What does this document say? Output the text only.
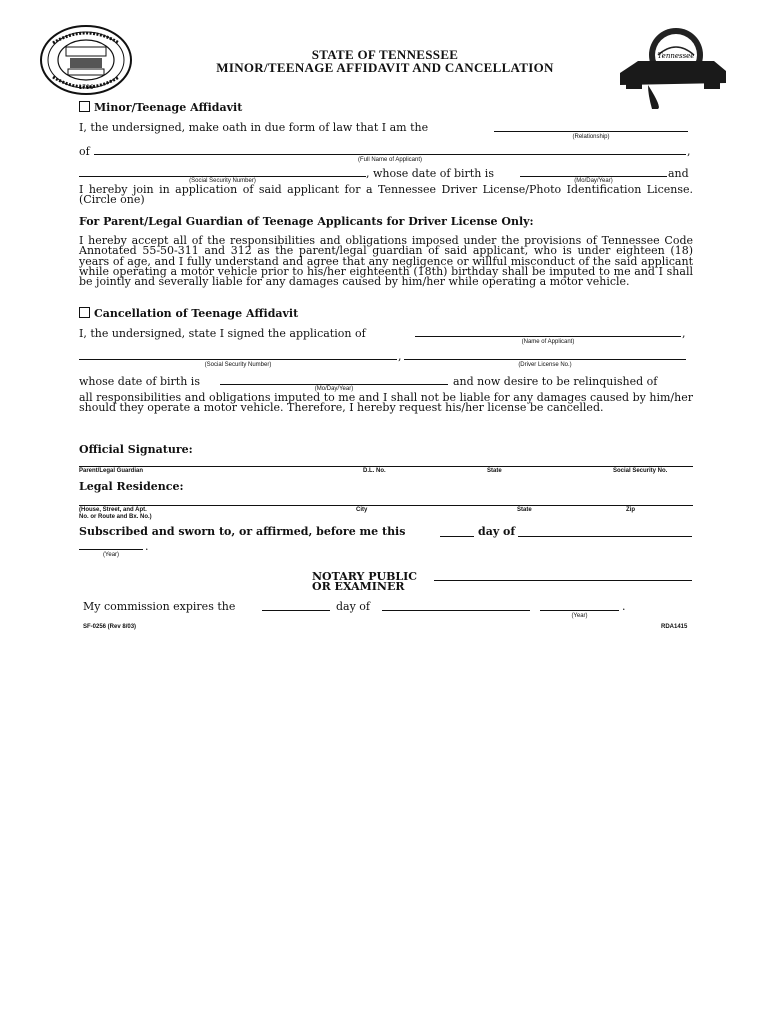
1796
Tennessee
STATE OF TENNESSEE
MINOR/TEENAGE AFFIDAVIT AND CANCELLATION
Minor/Teenage Affidavit
I, the undersigned, make oath in due form of law that I am the
(Relationship)
of	,
(Full Name of Applicant)
, whose date of birth is	and
(Social Security Number)	(Mo/Day/Year)
I hereby join in application of said applicant for a Tennessee Driver License/Photo Identification License. (Circle one)
For Parent/Legal Guardian of Teenage Applicants for Driver License Only:
I hereby accept all of the responsibilities and obligations imposed under the provisions of Tennessee Code Annotated 55-50-311 and 312 as the parent/legal guardian of said applicant, who is under eighteen (18) years of age, and I fully understand and agree that any negligence or willful misconduct of the said applicant while operating a motor vehicle prior to his/her eighteenth (18th) birthday shall be imputed to me and I shall be jointly and severally liable for any damages caused by him/her while operating a motor vehicle.
Cancellation of Teenage Affidavit
I, the undersigned, state I signed the application of	,
(Name of Applicant)
,
(Social Security Number)	(Driver License No.)
whose date of birth is	and now desire to be relinquished of
(Mo/Day/Year)
all responsibilities and obligations imputed to me and I shall not be liable for any damages caused by him/her should they operate a motor vehicle. Therefore, I hereby request his/her license be cancelled.
Official Signature:
Parent/Legal Guardian	D.L. No.	State	Social Security No.
Legal Residence:
(House, Street, and Apt.
No. or Route and Bx. No.)
City	State	Zip
Subscribed and sworn to, or affirmed, before me this	day of
.
(Year)
NOTARY PUBLIC
OR EXAMINER
My commission expires the	day of	.
(Year)
SF-0256 (Rev 8/03)	RDA1415
